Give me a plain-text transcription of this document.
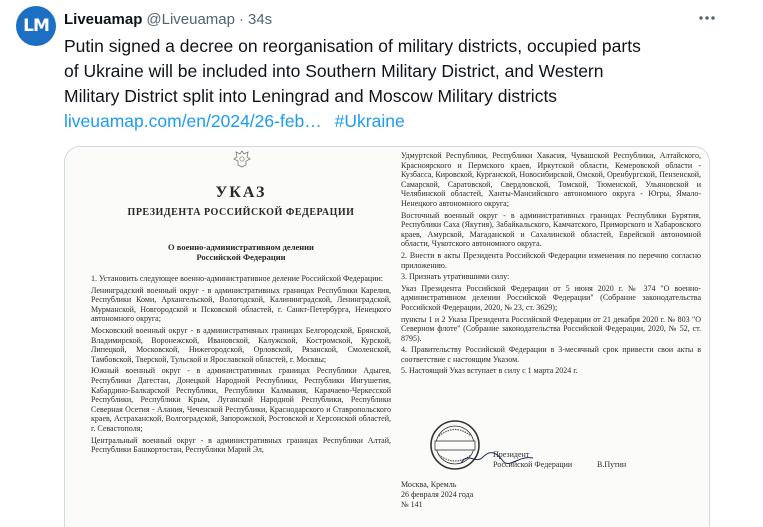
LM Liveuamap @Liveuamap · 34s
Putin signed a decree on reorganisation of military districts, occupied parts
of Ukraine will be included into Southern Military District, and Western
Military District split into Leningrad and Moscow Military districts
liveuamap.com/en/2024/26-feb… #Ukraine
УКАЗ
ПРЕЗИДЕНТА РОССИЙСКОЙ ФЕДЕРАЦИИ
О военно-административном делении
Российской Федерации

1. Установить следующее военно-административное деление Российской Федерации:

Ленинградский военный округ - в административных границах Республики Карелия, Республики Коми, Архангельской, Вологодской, Калининградской, Ленинградской, Мурманской, Новгородской и Псковской областей, г. Санкт-Петербурга, Ненецкого автономного округа;

Московский военный округ - в административных границах Белгородской, Брянской, Владимирской, Воронежской, Ивановской, Калужской, Костромской, Курской, Липецкой, Московской, Нижегородской, Орловской, Рязанской, Смоленской, Тамбовской, Тверской, Тульской и Ярославской областей, г. Москвы;

Южный военный округ - в административных границах Республики Адыгея, Республики Дагестан, Донецкой Народной Республики, Республики Ингушетия, Кабардино-Балкарской Республики, Республики Калмыкия, Карачаево-Черкесской Республики, Республики Крым, Луганской Народной Республики, Республики Северная Осетия - Алания, Чеченской Республики, Краснодарского и Ставропольского краев, Астраханской, Волгоградской, Запорожской, Ростовской и Херсонской областей, г. Севастополя;

Центральный военный округ - в административных границах Республики Алтай, Республики Башкортостан, Республики Марий Эл,

Удмуртской Республики, Республики Хакасия, Чувашской Республики, Алтайского, Красноярского и Пермского краев, Иркутской области, Кемеровской области - Кузбасса, Кировской, Курганской, Новосибирской, Омской, Оренбургской, Пензенской, Самарской, Саратовской, Свердловской, Томской, Тюменской, Ульяновской и Челябинской областей, Ханты-Мансийского автономного округа - Югры, Ямало-Ненецкого автономного округа;

Восточный военный округ - в административных границах Республики Бурятия, Республики Саха (Якутия), Забайкальского, Камчатского, Приморского и Хабаровского краев, Амурской, Магаданской и Сахалинской областей, Еврейской автономной области, Чукотского автономного округа.

2. Внести в акты Президента Российской Федерации изменения по перечню согласно приложению.

3. Признать утратившими силу:

Указ Президента Российской Федерации от 5 июня 2020 г. № 374 "О военно-административном делении Российской Федерации" (Собрание законодательства Российской Федерации, 2020, № 23, ст. 3629);

пункты 1 и 2 Указа Президента Российской Федерации от 21 декабря 2020 г. № 803 "О Северном флоте" (Собрание законодательства Российской Федерации, 2020, № 52, ст. 8795).

4. Правительству Российской Федерации в 3-месячный срок привести свои акты в соответствие с настоящим Указом.

5. Настоящий Указ вступает в силу с 1 марта 2024 г.

Президент
Российской Федерации	В.Путин
Москва, Кремль
26 февраля 2024 года
№ 141
